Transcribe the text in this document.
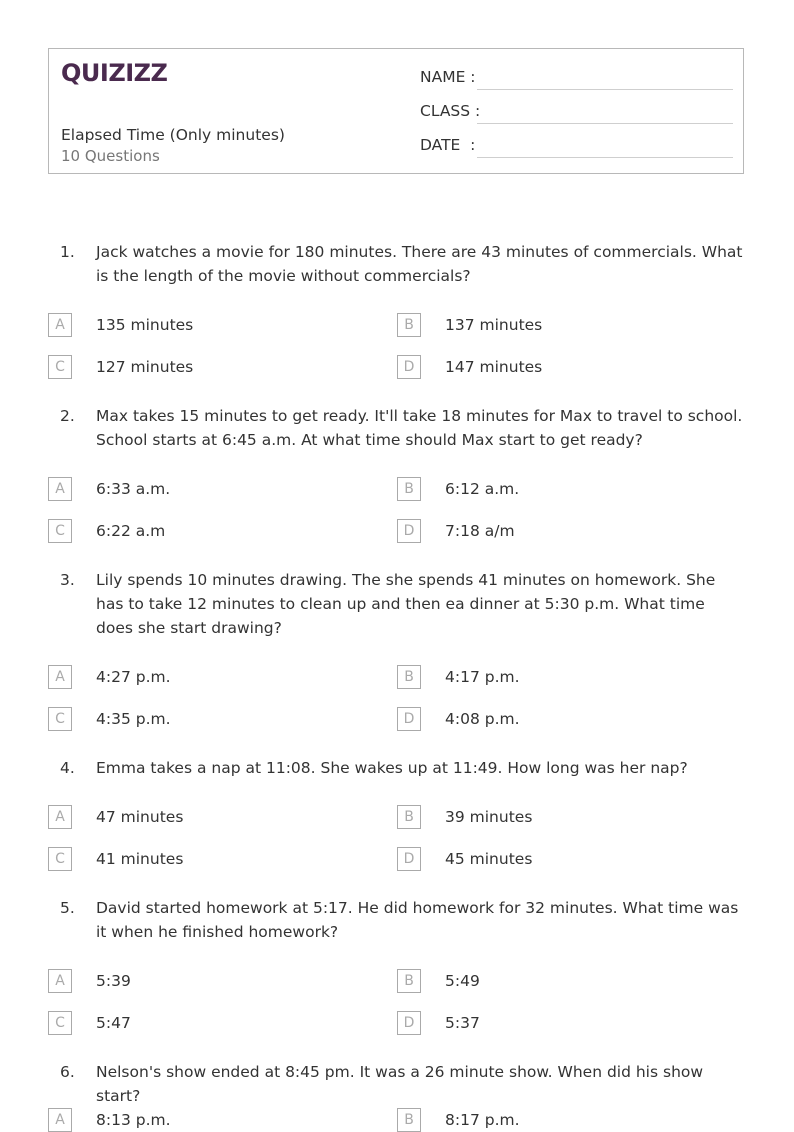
QUIZIZZ
Elapsed Time (Only minutes)
10 Questions
NAME :
CLASS :
DATE  :
1. Jack watches a movie for 180 minutes. There are 43 minutes of commercials. What is the length of the movie without commercials?
A	135 minutes	B	137 minutes
C	127 minutes	D	147 minutes
2. Max takes 15 minutes to get ready. It'll take 18 minutes for Max to travel to school. School starts at 6:45 a.m. At what time should Max start to get ready?
A	6:33 a.m.	B	6:12 a.m.
C	6:22 a.m	D	7:18 a/m
3. Lily spends 10 minutes drawing. The she spends 41 minutes on homework. She has to take 12 minutes to clean up and then ea dinner at 5:30 p.m. What time does she start drawing?
A	4:27 p.m.	B	4:17 p.m.
C	4:35 p.m.	D	4:08 p.m.
4. Emma takes a nap at 11:08. She wakes up at 11:49. How long was her nap?
A	47 minutes	B	39 minutes
C	41 minutes	D	45 minutes
5. David started homework at 5:17. He did homework for 32 minutes. What time was it when he finished homework?
A	5:39	B	5:49
C	5:47	D	5:37
6. Nelson's show ended at 8:45 pm. It was a 26 minute show. When did his show start?
A	8:13 p.m.	B	8:17 p.m.
